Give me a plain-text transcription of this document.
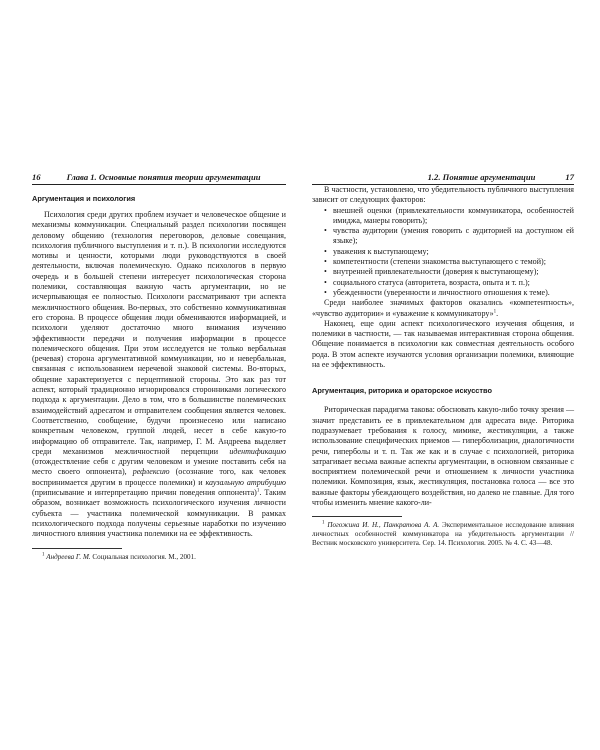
16	Глава 1. Основные понятия теории аргументации
Аргументация и психология

Психология среди других проблем изучает и человеческое общение и механизмы коммуникации. Специальный раздел психологии посвящен деловому общению (технология переговоров, деловые совещания, психология публичного выступления и т. п.). В психологии исследуются мотивы и ценности, которыми люди руководствуются в своей деятельности, включая полемическую. Однако психологов в первую очередь и в большей степени интересует психологическая сторона полемики, составляющая важную часть аргументации, но не исчерпывающая ее полностью. Психологи рассматривают три аспекта межличностного общения. Во-первых, это собственно коммуникативная его сторона. В процессе общения люди обмениваются информацией, и психологи уделяют достаточно много внимания изучению эффективности передачи и получения информации в процессе полемического общения. При этом исследуется не только вербальная (речевая) сторона аргументативной коммуникации, но и невербальная, связанная с использованием неречевой знаковой системы. Во-вторых, общение характеризуется с перцептивной стороны. Это как раз тот аспект, который традиционно игнорировался сторонниками логического подхода к аргументации. Дело в том, что в большинстве полемических взаимодействий адресатом и отправителем сообщения является человек. Соответственно, сообщение, будучи произнесено или написано конкретным человеком, группой людей, несет в себе какую-то информацию об отправителе. Так, например, Г. М. Андреева выделяет среди механизмов межличностной перцепции идентификацию (отождествление себя с другим человеком и умение поставить себя на место своего оппонента), рефлексию (осознание того, как человек воспринимается другим в процессе полемики) и каузальную атрибуцию (приписывание и интерпретацию причин поведения оппонента)$^1$. Таким образом, возникает возможность психологического изучения личности субъекта — участника полемической коммуникации. В рамках психологического подхода получены серьезные наработки по изучению личностного влияния участника полемики на ее эффективность.

$^1$ Андреева Г. М. Социальная психология. М., 2001.
1.2. Понятие аргументации	17

В частности, установлено, что убедительность публичного выступления зависит от следующих факторов:

• внешней оценки (привлекательности коммуникатора, особенностей имиджа, манеры говорить);
• чувства аудитории (умения говорить с аудиторией на доступном ей языке);
• уважения к выступающему;
• компетентности (степени знакомства выступающего с темой);
• внутренней привлекательности (доверия к выступающему);
• социального статуса (авторитета, возраста, опыта и т. п.);
• убежденности (уверенности и личностного отношения к теме).

Среди наиболее значимых факторов оказались «компетентность», «чувство аудитории» и «уважение к коммуникатору»$^1$.

Наконец, еще один аспект психологического изучения общения, и полемики в частности, — так называемая интерактивная сторона общения. Общение понимается в психологии как совместная деятельность особого рода. В этом аспекте изучаются условия организации полемики, влияющие на ее эффективность.

Аргументация, риторика и ораторское искусство

Риторическая парадигма такова: обосновать какую-либо точку зрения — значит представить ее в привлекательном для адресата виде. Риторика подразумевает требования к голосу, мимике, жестикуляции, а также использование специфических приемов — гиперболизации, диалогичности речи, гиперболы и т. п. Так же как и в случае с психологией, риторика затрагивает весьма важные аспекты аргументации, в основном связанные с восприятием полемической речи и отношением к личности участника полемики. Композиция, язык, жестикуляция, постановка голоса — все это важные факторы убеждающего воздействия, но далеко не главные. Для того чтобы изменить мнение какого-ли-

$^1$ Погожина И. Н., Панкратова А. А. Экспериментальное исследование влияния личностных особенностей коммуникатора на убедительность аргументации // Вестник московского университета. Сер. 14. Психология. 2005. № 4. С. 43—48.
